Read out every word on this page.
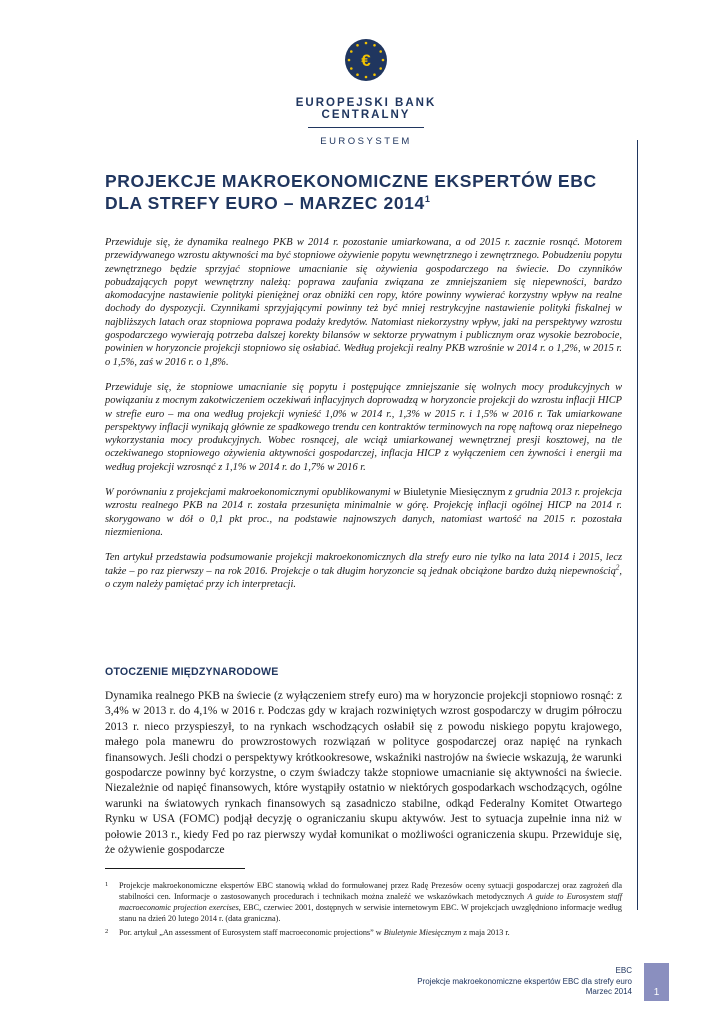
€
EUROPEJSKI BANK CENTRALNY
EUROSYSTEM
PROJEKCJE MAKROEKONOMICZNE EKSPERTÓW EBC DLA STREFY EURO – MARZEC 2014$^1$

Przewiduje się, że dynamika realnego PKB w 2014 r. pozostanie umiarkowana, a od 2015 r. zacznie rosnąć. Motorem przewidywanego wzrostu aktywności ma być stopniowe ożywienie popytu wewnętrznego i zewnętrznego. Pobudzeniu popytu zewnętrznego będzie sprzyjać stopniowe umacnianie się ożywienia gospodarczego na świecie. Do czynników pobudzających popyt wewnętrzny należą: poprawa zaufania związana ze zmniejszaniem się niepewności, bardzo akomodacyjne nastawienie polityki pieniężnej oraz obniżki cen ropy, które powinny wywierać korzystny wpływ na realne dochody do dyspozycji. Czynnikami sprzyjającymi powinny też być mniej restrykcyjne nastawienie polityki fiskalnej w najbliższych latach oraz stopniowa poprawa podaży kredytów. Natomiast niekorzystny wpływ, jaki na perspektywy wzrostu gospodarczego wywierają potrzeba dalszej korekty bilansów w sektorze prywatnym i publicznym oraz wysokie bezrobocie, powinien w horyzoncie projekcji stopniowo się osłabiać. Według projekcji realny PKB wzrośnie w 2014 r. o 1,2%, w 2015 r. o 1,5%, zaś w 2016 r. o 1,8%.

Przewiduje się, że stopniowe umacnianie się popytu i postępujące zmniejszanie się wolnych mocy produkcyjnych w powiązaniu z mocnym zakotwiczeniem oczekiwań inflacyjnych doprowadzą w horyzoncie projekcji do wzrostu inflacji HICP w strefie euro – ma ona według projekcji wynieść 1,0% w 2014 r., 1,3% w 2015 r. i 1,5% w 2016 r. Tak umiarkowane perspektywy inflacji wynikają głównie ze spadkowego trendu cen kontraktów terminowych na ropę naftową oraz niepełnego wykorzystania mocy produkcyjnych. Wobec rosnącej, ale wciąż umiarkowanej wewnętrznej presji kosztowej, na tle oczekiwanego stopniowego ożywienia aktywności gospodarczej, inflacja HICP z wyłączeniem cen żywności i energii ma według projekcji wzrosnąć z 1,1% w 2014 r. do 1,7% w 2016 r.

W porównaniu z projekcjami makroekonomicznymi opublikowanymi w Biuletynie Miesięcznym z grudnia 2013 r. projekcja wzrostu realnego PKB na 2014 r. została przesunięta minimalnie w górę. Projekcję inflacji ogólnej HICP na 2014 r. skorygowano w dół o 0,1 pkt proc., na podstawie najnowszych danych, natomiast wartość na 2015 r. pozostała niezmieniona.

Ten artykuł przedstawia podsumowanie projekcji makroekonomicznych dla strefy euro nie tylko na lata 2014 i 2015, lecz także – po raz pierwszy – na rok 2016. Projekcje o tak długim horyzoncie są jednak obciążone bardzo dużą niepewnością$^2$, o czym należy pamiętać przy ich interpretacji.

OTOCZENIE MIĘDZYNARODOWE

Dynamika realnego PKB na świecie (z wyłączeniem strefy euro) ma w horyzoncie projekcji stopniowo rosnąć: z 3,4% w 2013 r. do 4,1% w 2016 r. Podczas gdy w krajach rozwiniętych wzrost gospodarczy w drugim półroczu 2013 r. nieco przyspieszył, to na rynkach wschodzących osłabił się z powodu niskiego popytu krajowego, małego pola manewru do prowzrostowych rozwiązań w polityce gospodarczej oraz napięć na rynkach finansowych. Jeśli chodzi o perspektywy krótkookresowe, wskaźniki nastrojów na świecie wskazują, że warunki gospodarcze powinny być korzystne, o czym świadczy także stopniowe umacnianie się aktywności na świecie. Niezależnie od napięć finansowych, które wystąpiły ostatnio w niektórych gospodarkach wschodzących, ogólne warunki na światowych rynkach finansowych są zasadniczo stabilne, odkąd Federalny Komitet Otwartego Rynku w USA (FOMC) podjął decyzję o ograniczaniu skupu aktywów. Jest to sytuacja zupełnie inna niż w połowie 2013 r., kiedy Fed po raz pierwszy wydał komunikat o możliwości ograniczenia skupu. Przewiduje się, że ożywienie gospodarcze

1 Projekcje makroekonomiczne ekspertów EBC stanowią wkład do formułowanej przez Radę Prezesów oceny sytuacji gospodarczej oraz zagrożeń dla stabilności cen. Informacje o zastosowanych procedurach i technikach można znaleźć we wskazówkach metodycznych A guide to Eurosystem staff macroeconomic projection exercises, EBC, czerwiec 2001, dostępnych w serwisie internetowym EBC. W projekcjach uwzględniono informacje według stanu na dzień 20 lutego 2014 r. (data graniczna).
2 Por. artykuł „An assessment of Eurosystem staff macroeconomic projections” w Biuletynie Miesięcznym z maja 2013 r.
EBC
Projekcje makroekonomiczne ekspertów EBC dla strefy euro
Marzec 2014	1
